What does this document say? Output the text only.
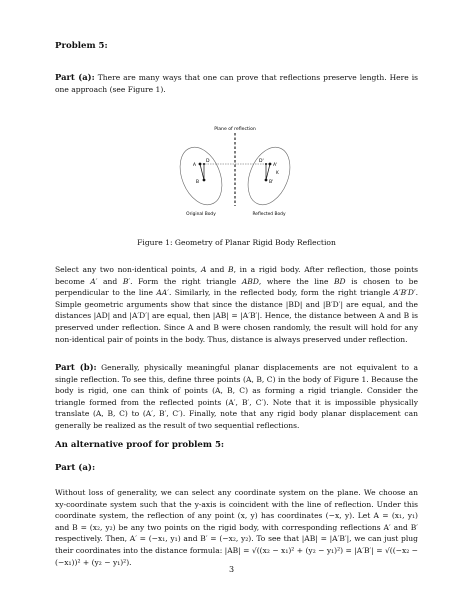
Problem 5:
Part (a): There are many ways that one can prove that reflections preserve length. Here is one approach (see Figure 1).
Plane of reflection
A
B
D
A'
B'
D'
K
Original Body	Reflected Body
Figure 1: Geometry of Planar Rigid Body Reflection
Select any two non-identical points, A and B, in a rigid body. After reflection, those points become A′ and B′. Form the right triangle ABD, where the line BD is chosen to be perpendicular to the line AA′. Similarly, in the reflected body, form the right triangle A′B′D′. Simple geometric arguments show that since the distance |BD| and |B′D′| are equal, and the distances |AD| and |A′D′| are equal, then |AB| = |A′B′|. Hence, the distance between A and B is preserved under reflection. Since A and B were chosen randomly, the result will hold for any non-identical pair of points in the body. Thus, distance is always preserved under reflection.
Part (b): Generally, physically meaningful planar displacements are not equivalent to a single reflection. To see this, define three points (A, B, C) in the body of Figure 1. Because the body is rigid, one can think of points (A, B, C) as forming a rigid triangle. Consider the triangle formed from the reflected points (A′, B′, C′). Note that it is impossible physically translate (A, B, C) to (A′, B′, C′). Finally, note that any rigid body planar displacement can generally be realized as the result of two sequential reflections.
An alternative proof for problem 5:
Part (a):
Without loss of generality, we can select any coordinate system on the plane. We choose an xy-coordinate system such that the y-axis is coincident with the line of reflection. Under this coordinate system, the reflection of any point (x, y) has coordinates (−x, y). Let A = (x₁, y₁) and B = (x₂, y₂) be any two points on the rigid body, with corresponding reflections A′ and B′ respectively. Then, A′ = (−x₁, y₁) and B′ = (−x₂, y₂). To see that |AB| = |A′B′|, we can just plug their coordinates into the distance formula: |AB| = √((x₂ − x₁)² + (y₂ − y₁)²) = |A′B′| = √((−x₂ − (−x₁))² + (y₂ − y₁)²).
3
